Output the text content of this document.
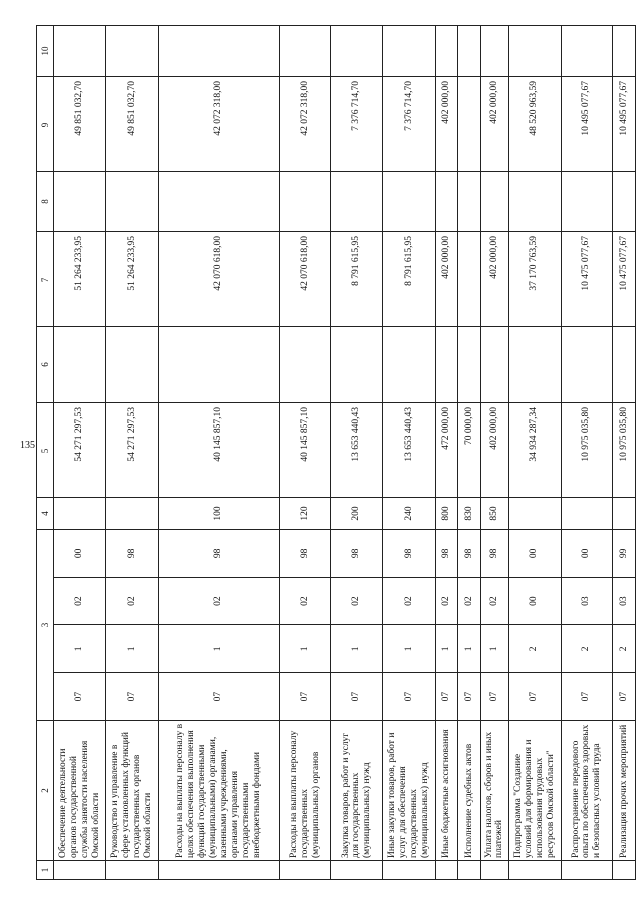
135
1	2	3				4	5	6	7	8	9	10
	Обеспечение деятельности органов государственной службы занятости населения Омской области	07	1	02	00		54 271 297,53		51 264 233,95		49 851 032,70	
	Руководство и управление в сфере установленных функций государственных органов Омской области	07	1	02	98		54 271 297,53		51 264 233,95		49 851 032,70	
	Расходы на выплаты персоналу в целях обеспечения выполнения функций государственными (муниципальными) органами, казенными учреждениями, органами управления государственными внебюджетными фондами	07	1	02	98	100	40 145 857,10		42 070 618,00		42 072 318,00	
	Расходы на выплаты персоналу государственных (муниципальных) органов	07	1	02	98	120	40 145 857,10		42 070 618,00		42 072 318,00	
	Закупка товаров, работ и услуг для государственных (муниципальных) нужд	07	1	02	98	200	13 653 440,43		8 791 615,95		7 376 714,70	
	Иные закупки товаров, работ и услуг для обеспечения государственных (муниципальных) нужд	07	1	02	98	240	13 653 440,43		8 791 615,95		7 376 714,70	
	Иные бюджетные ассигнования	07	1	02	98	800	472 000,00		402 000,00		402 000,00	
	Исполнение судебных актов	07	1	02	98	830	70 000,00					
	Уплата налогов, сборов и иных платежей	07	1	02	98	850	402 000,00		402 000,00		402 000,00	
	Подпрограмма "Создание условий для формирования и использования трудовых ресурсов Омской области"	07	2	00	00		34 934 287,34		37 170 763,59		48 520 963,59	
	Распространение передового опыта по обеспечению здоровых и безопасных условий труда	07	2	03	00		10 975 035,80		10 475 077,67		10 495 077,67	
	Реализация прочих мероприятий	07	2	03	99		10 975 035,80		10 475 077,67		10 495 077,67	
